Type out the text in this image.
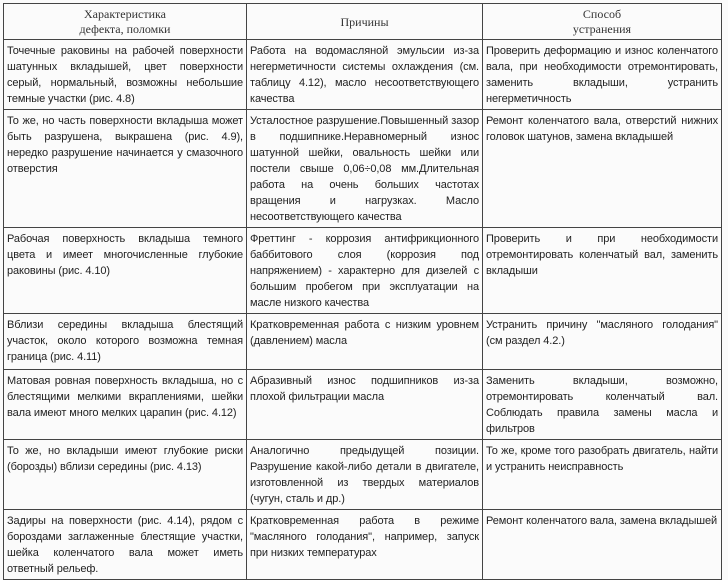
Характеристика
дефекта, поломки	Причины	Способ
устранения
Точечные раковины на рабочей поверхности шатунных вкладышей, цвет поверхности серый, нормальный, возможны небольшие темные участки (рис. 4.8)	Работа на водомасляной эмульсии из-за негерметичности системы охлаждения (см. таблицу 4.12), масло несоответствующего качества	Проверить деформацию и износ коленчатого вала, при необходимости отремонтировать, заменить вкладыши, устранить негерметичность
То же, но часть поверхности вкладыша может быть разрушена, выкрашена (рис. 4.9), нередко разрушение начинается у смазочного отверстия	Усталостное разрушение.Повышенный зазор в подшипнике.Неравномерный износ шатунной шейки, овальность шейки или постели свыше 0,06÷0,08 мм.Длительная работа на очень больших частотах вращения и нагрузках. Масло несоответствующего качества	Ремонт коленчатого вала, отверстий нижних головок шатунов, замена вкладышей
Рабочая поверхность вкладыша темного цвета и имеет многочисленные глубокие раковины (рис. 4.10)	Фреттинг - коррозия антифрикционного баббитового слоя (коррозия под напряжением) - характерно для дизелей с большим пробегом при эксплуатации на масле низкого качества	Проверить и при необходимости отремонтировать коленчатый вал, заменить вкладыши
Вблизи середины вкладыша блестящий участок, около которого возможна темная граница (рис. 4.11)	Кратковременная работа с низким уровнем (давлением) масла	Устранить причину "масляного голодания" (см раздел 4.2.)
Матовая ровная поверхность вкладыша, но с блестящими мелкими вкраплениями, шейки вала имеют много мелких царапин (рис. 4.12)	Абразивный износ подшипников из-за плохой фильтрации масла	Заменить вкладыши, возможно, отремонтировать коленчатый вал. Соблюдать правила замены масла и фильтров
То же, но вкладыши имеют глубокие риски (борозды) вблизи середины (рис. 4.13)	Аналогично предыдущей позиции. Разрушение какой-либо детали в двигателе, изготовленной из твердых материалов (чугун, сталь и др.)	То же, кроме того разобрать двигатель, найти и устранить неисправность
Задиры на поверхности (рис. 4.14), рядом с бороздами заглаженные блестящие участки, шейка коленчатого вала может иметь ответный рельеф.	Кратковременная работа в режиме "масляного голодания", например, запуск при низких температурах	Ремонт коленчатого вала, замена вкладышей
